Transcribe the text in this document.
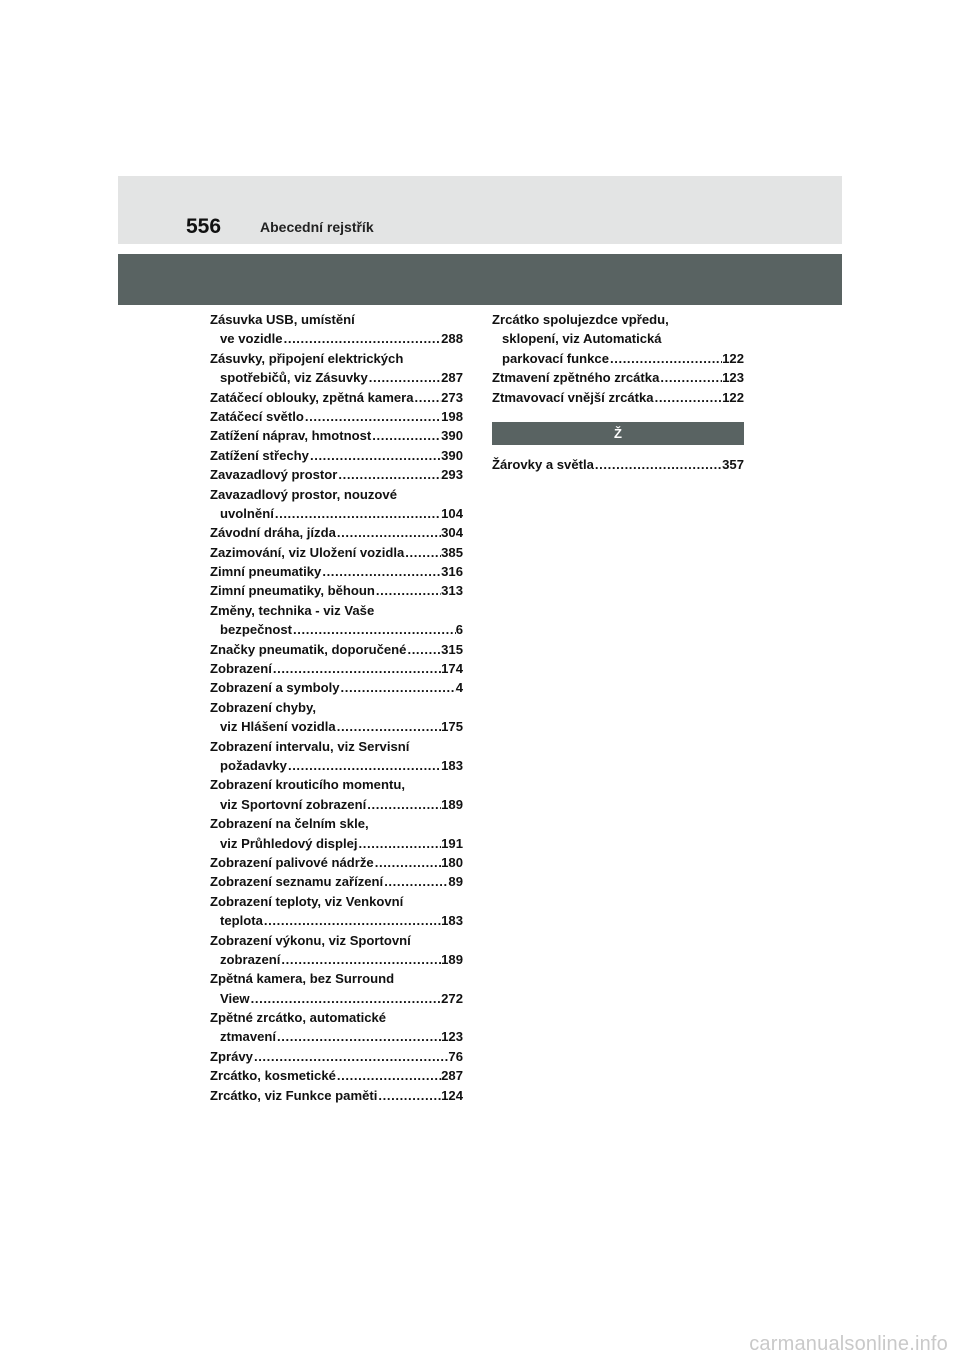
556	Abecední rejstřík
Zásuvka USB, umístění
ve vozidle .....	288
Zásuvky, připojení elektrických
spotřebičů, viz Zásuvky .....	287
Zatáčecí oblouky, zpětná kamera ..... 273
Zatáčecí světlo .....	198
Zatížení náprav, hmotnost .....	390
Zatížení střechy .....	390
Zavazadlový prostor .....	293
Zavazadlový prostor, nouzové
uvolnění .....	104
Závodní dráha, jízda .....	304
Zazimování, viz Uložení vozidla .....	385
Zimní pneumatiky .....	316
Zimní pneumatiky, běhoun .....	313
Změny, technika - viz Vaše
bezpečnost .....	6
Značky pneumatik, doporučené .....	315
Zobrazení .....	174
Zobrazení a symboly .....	4
Zobrazení chyby,
viz Hlášení vozidla .....	175
Zobrazení intervalu, viz Servisní
požadavky .....	183
Zobrazení krouticího momentu,
viz Sportovní zobrazení .....	189
Zobrazení na čelním skle,
viz Průhledový displej .....	191
Zobrazení palivové nádrže .....	180
Zobrazení seznamu zařízení .....	89
Zobrazení teploty, viz Venkovní
teplota .....	183
Zobrazení výkonu, viz Sportovní
zobrazení .....	189
Zpětná kamera, bez Surround
View .....	272
Zpětné zrcátko, automatické
ztmavení .....	123
Zprávy .....	76
Zrcátko, kosmetické .....	287
Zrcátko, viz Funkce paměti .....	124
Zrcátko spolujezdce vpředu,
sklopení, viz Automatická
parkovací funkce .....	122
Ztmavení zpětného zrcátka .....	123
Ztmavovací vnější zrcátka .....	122
Ž
Žárovky a světla .....	357
carmanualsonline.info
